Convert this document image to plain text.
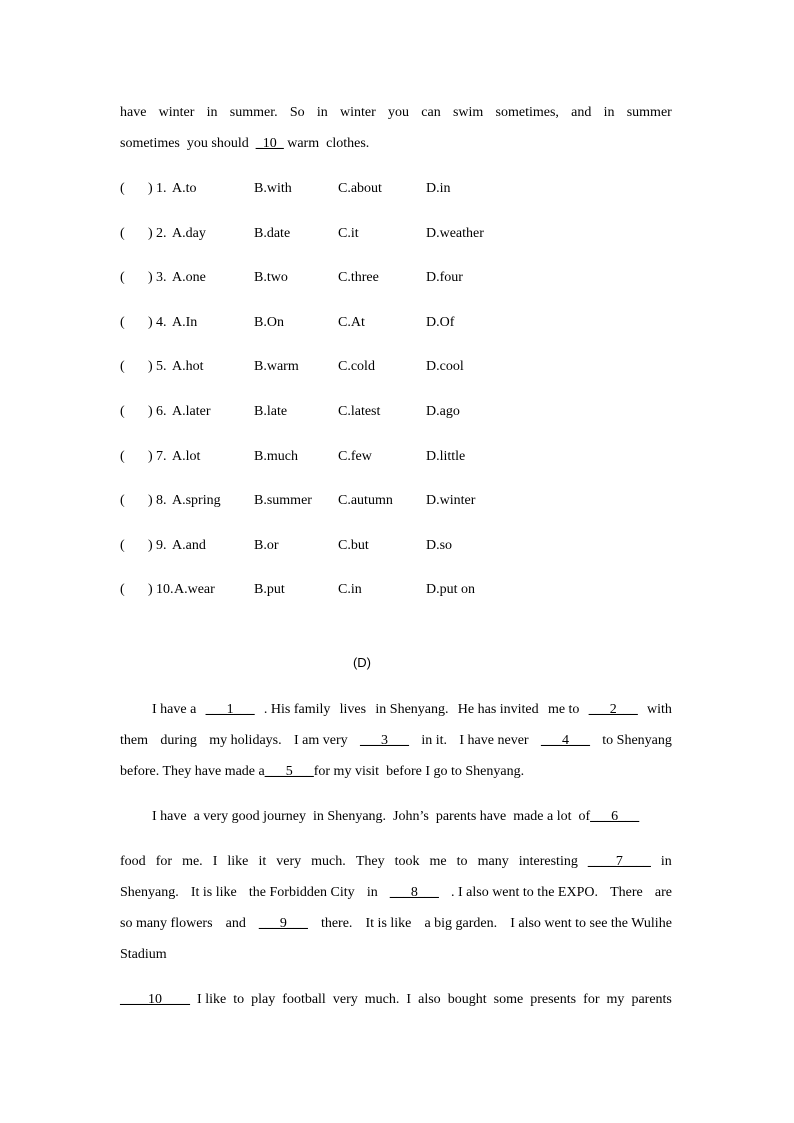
have winter in summer. So in winter you can swim sometimes, and in summer
sometimes  you should  _10_ warm  clothes.
( ) 1. A.to	B.with	C.about	D.in
( ) 2. A.day	B.date	C.it	D.weather
( ) 3. A.one	B.two	C.three	D.four
( ) 4. A.In	B.On	C.At	D.Of
( ) 5. A.hot	B.warm	C.cold	D.cool
( ) 6. A.later	B.late	C.latest	D.ago
( ) 7. A.lot	B.much	C.few	D.little
( ) 8. A.spring B.summer C.autumn D.winter
( ) 9. A.and	B.or	C.but	D.so
( ) 10. A.wear	B.put	C.in	D.put on
(D)
I have a ___1___ . His family lives in Shenyang. He has invited me to ___2___ with
them during my holidays. I am very ___3___ in it. I have never ___4___ to Shenyang
before. They have made a___5___for my visit  before I go to Shenyang.
I have  a very good journey  in Shenyang.  John’s  parents have  made a lot  of___6___
food for me. I like it very much. They took me to many interesting ____7____ in
Shenyang. It is like the Forbidden City in ___8___ . I also went to the EXPO. There are
so many flowers and ___9___ there. It is like a big garden. I also went to see the Wulihe
Stadium
____10____ I like to play football very much. I also bought some presents for my parents
